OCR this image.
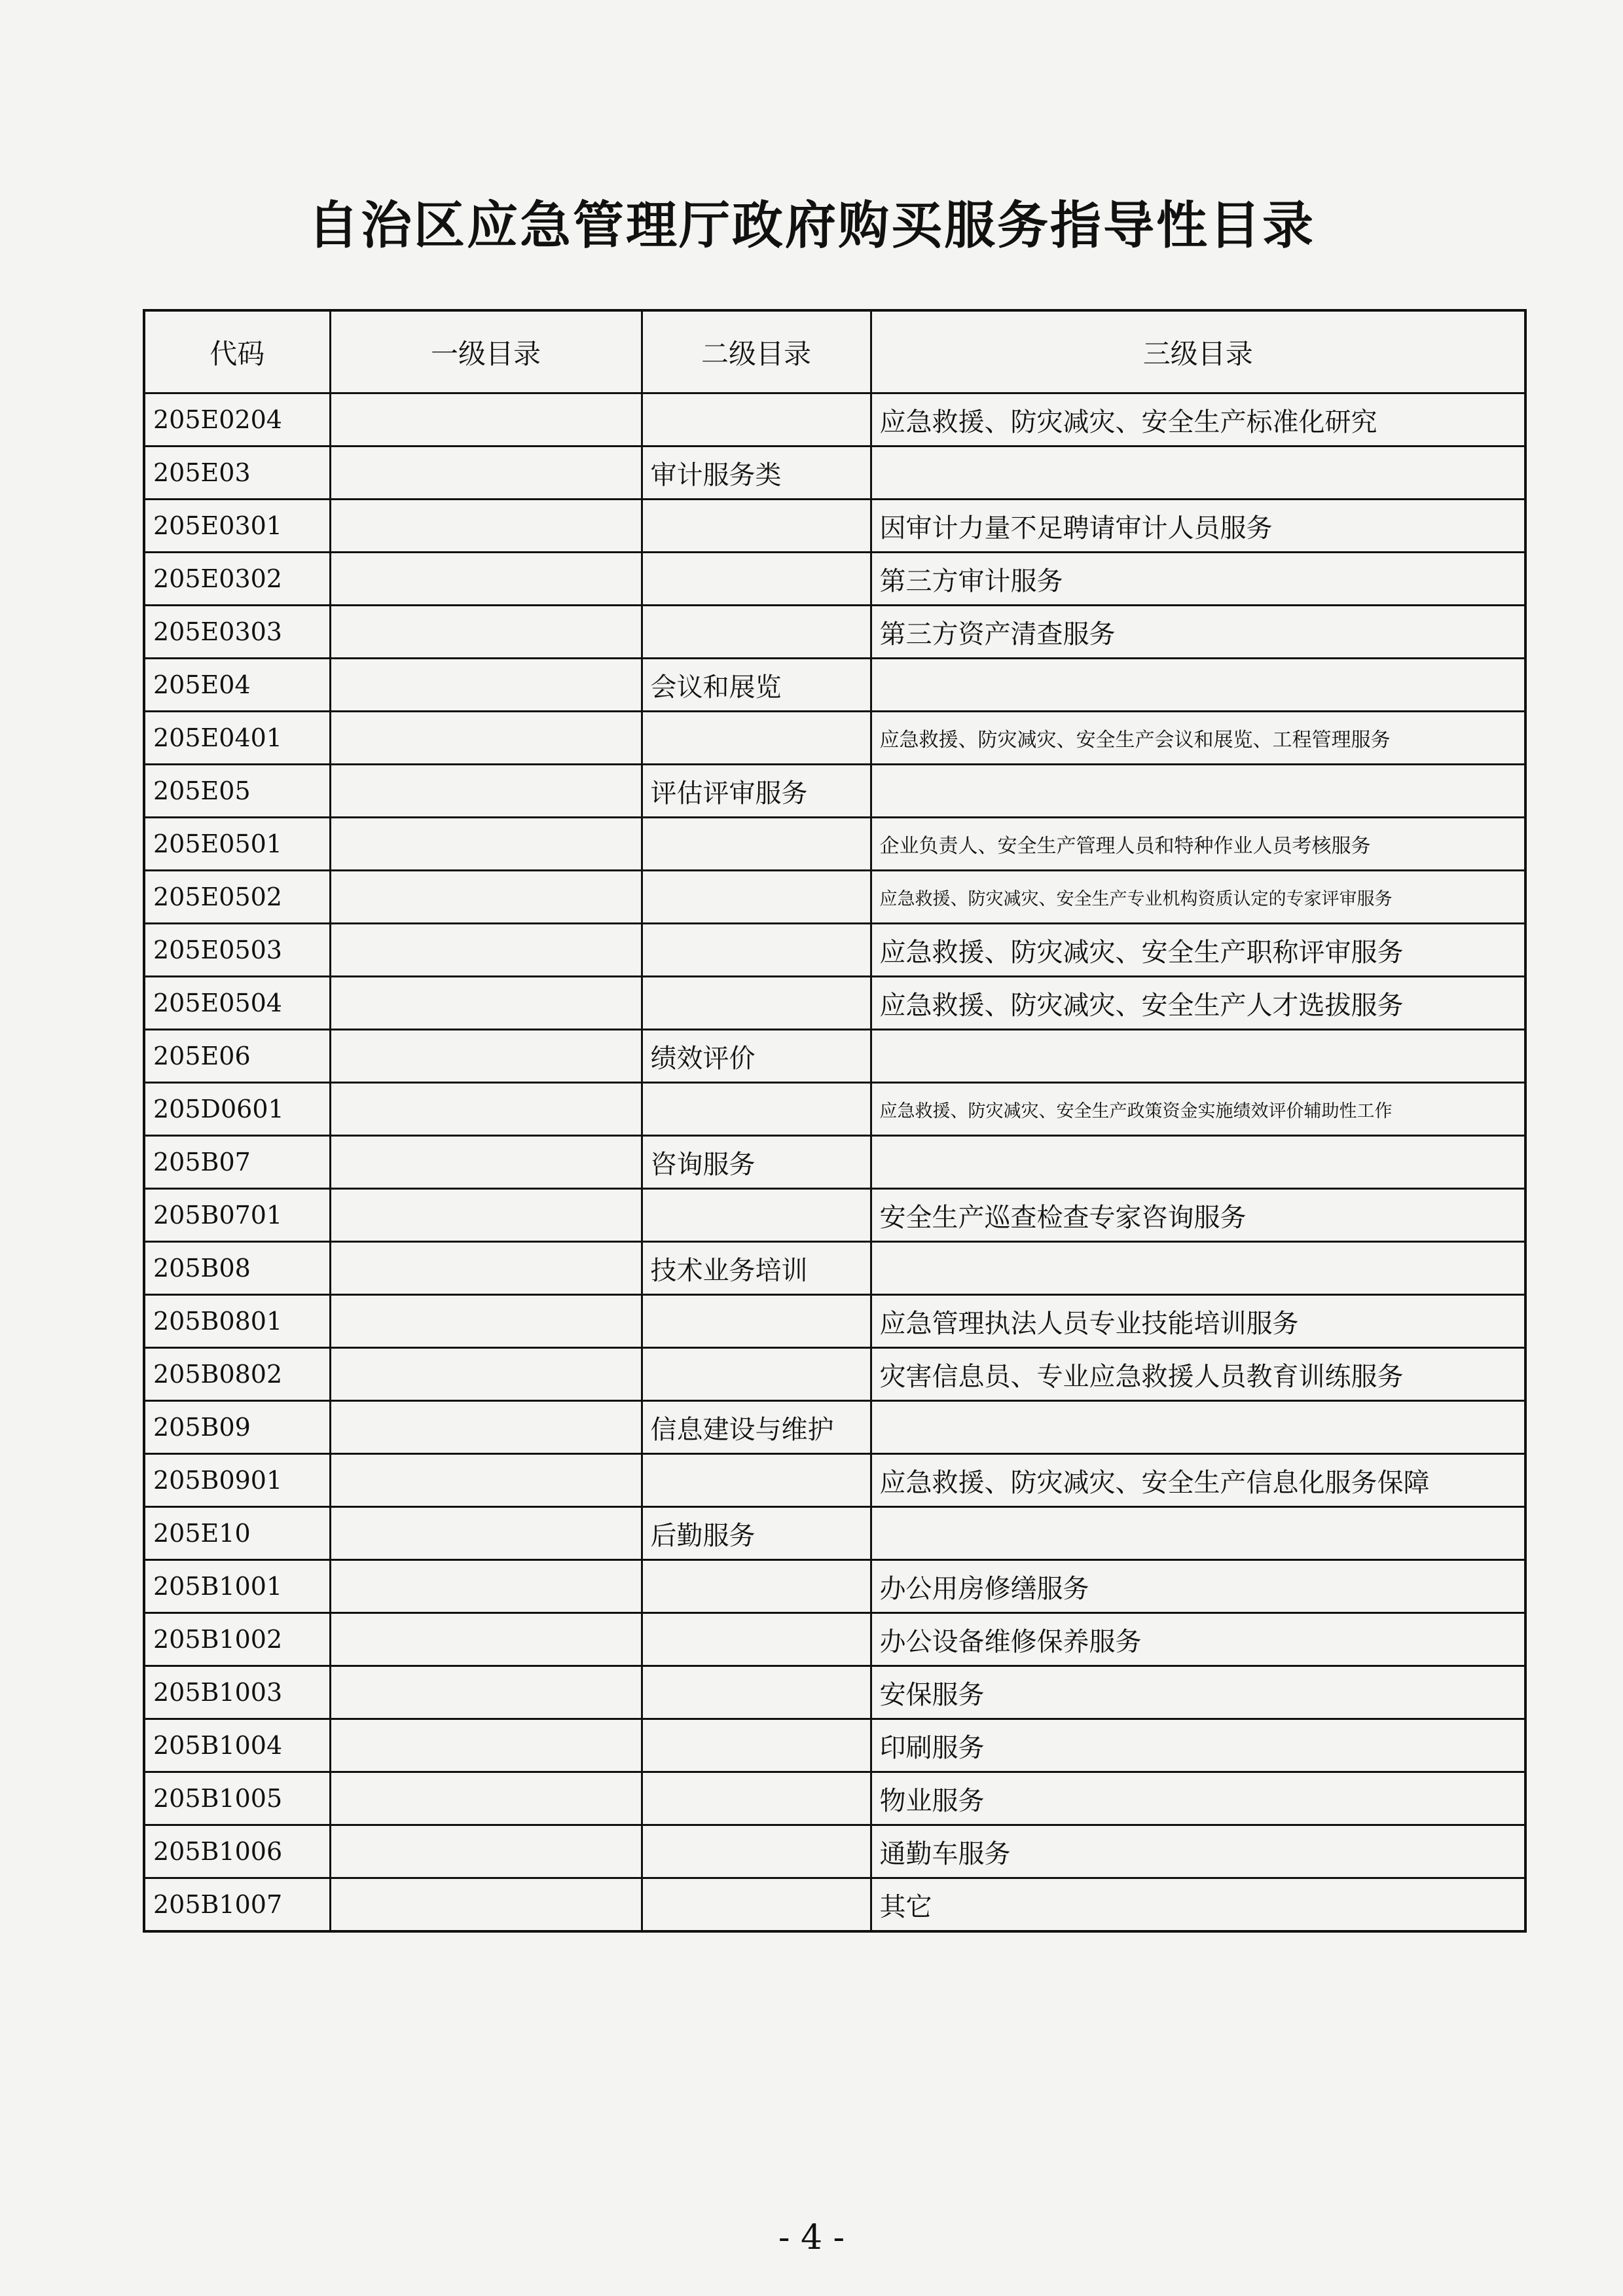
自治区应急管理厅政府购买服务指导性目录
代码	一级目录	二级目录	三级目录
205E0204			应急救援、防灾减灾、安全生产标准化研究
205E03		审计服务类	
205E0301			因审计力量不足聘请审计人员服务
205E0302			第三方审计服务
205E0303			第三方资产清查服务
205E04		会议和展览	
205E0401			应急救援、防灾减灾、安全生产会议和展览、工程管理服务
205E05		评估评审服务	
205E0501			企业负责人、安全生产管理人员和特种作业人员考核服务
205E0502			应急救援、防灾减灾、安全生产专业机构资质认定的专家评审服务
205E0503			应急救援、防灾减灾、安全生产职称评审服务
205E0504			应急救援、防灾减灾、安全生产人才选拔服务
205E06		绩效评价	
205D0601			应急救援、防灾减灾、安全生产政策资金实施绩效评价辅助性工作
205B07		咨询服务	
205B0701			安全生产巡查检查专家咨询服务
205B08		技术业务培训	
205B0801			应急管理执法人员专业技能培训服务
205B0802			灾害信息员、专业应急救援人员教育训练服务
205B09		信息建设与维护	
205B0901			应急救援、防灾减灾、安全生产信息化服务保障
205E10		后勤服务	
205B1001			办公用房修缮服务
205B1002			办公设备维修保养服务
205B1003			安保服务
205B1004			印刷服务
205B1005			物业服务
205B1006			通勤车服务
205B1007			其它
- 4 -
